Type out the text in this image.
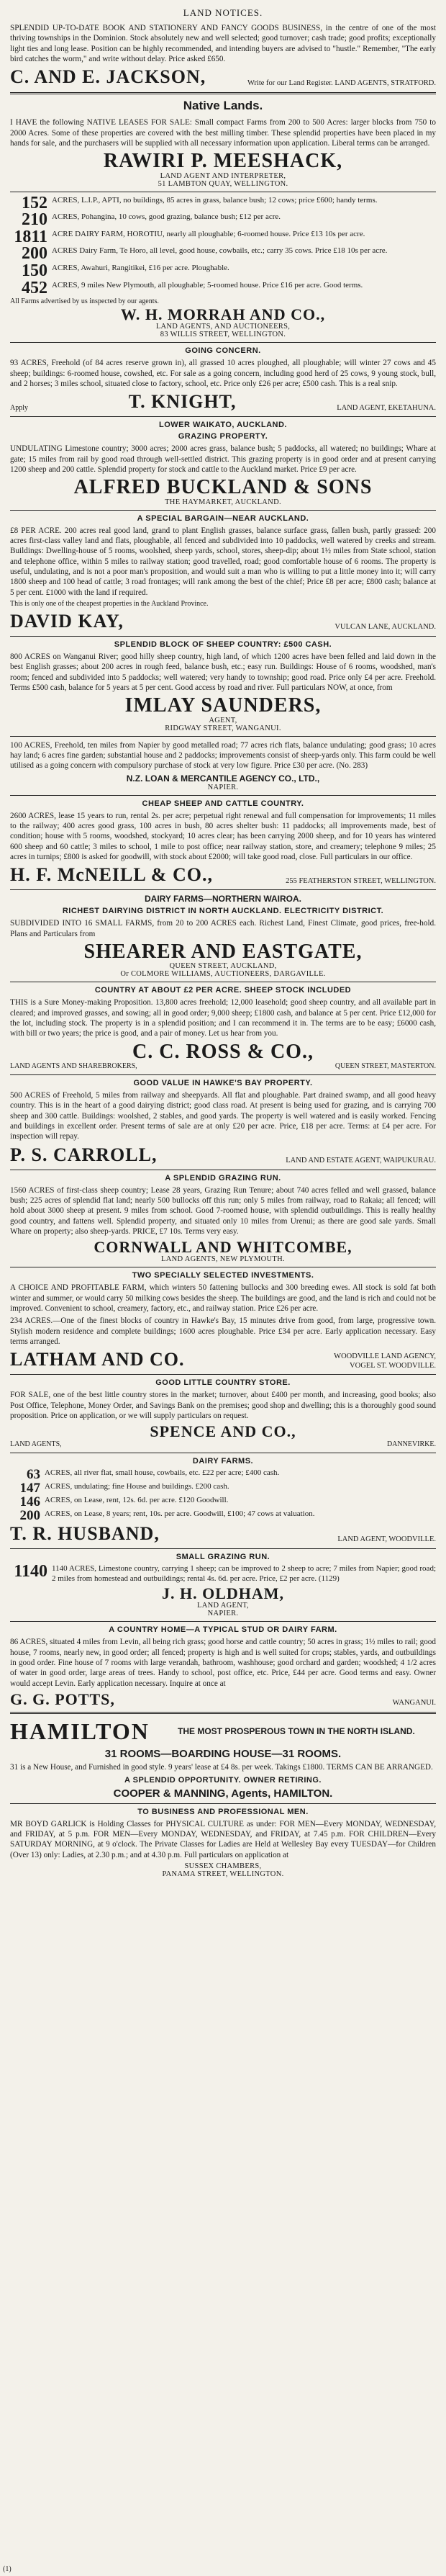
LAND NOTICES.

SPLENDID UP-TO-DATE BOOK AND STATIONERY AND FANCY GOODS BUSINESS, in the centre of one of the most thriving townships in the Dominion. Stock absolutely new and well selected; good turnover; cash trade; good profits; exceptionally light ties and long lease. Position can be highly recommended, and intending buyers are advised to "hustle." Remember, "The early bird catches the worm," and write without delay. Price asked £650.

C. AND E. JACKSON,	Write for our Land Register. LAND AGENTS, STRATFORD.
Native Lands.

I HAVE the following NATIVE LEASES FOR SALE: Small compact Farms from 200 to 500 Acres: larger blocks from 750 to 2000 Acres. Some of these properties are covered with the best milling timber. These splendid properties have been placed in my hands for sale, and the purchasers will be supplied with all necessary information upon application. Liberal terms can be arranged.

RAWIRI P. MEESHACK,
LAND AGENT AND INTERPRETER,
51 LAMBTON QUAY, WELLINGTON.
152 ACRES, L.I.P., APTI, no buildings, 85 acres in grass, balance bush; 12 cows; price £600; handy terms.
210 ACRES, Pohangina, 10 cows, good grazing, balance bush; £12 per acre.
1811 ACRE DAIRY FARM, HOROTIU, nearly all ploughable; 6-roomed house. Price £13 10s per acre.
200 ACRES Dairy Farm, Te Horo, all level, good house, cowbails, etc.; carry 35 cows. Price £18 10s per acre.
150 ACRES, Awahuri, Rangitikei, £16 per acre. Ploughable.
452 ACRES, 9 miles New Plymouth, all ploughable; 5-roomed house. Price £16 per acre. Good terms.
All Farms advertised by us inspected by our agents.
W. H. MORRAH AND CO.,
LAND AGENTS, AND AUCTIONEERS,
83 WILLIS STREET, WELLINGTON.
GOING CONCERN.

93 ACRES, Freehold (of 84 acres reserve grown in), all grassed 10 acres ploughed, all ploughable; will winter 27 cows and 45 sheep; buildings: 6-roomed house, cowshed, etc. For sale as a going concern, including good herd of 25 cows, 9 young stock, bull, and 2 horses; 3 miles school, situated close to factory, school, etc. Price only £26 per acre; £500 cash. This is a real snip.

Apply	T. KNIGHT,	LAND AGENT, EKETAHUNA.
LOWER WAIKATO, AUCKLAND.
GRAZING PROPERTY.

UNDULATING Limestone country; 3000 acres; 2000 acres grass, balance bush; 5 paddocks, all watered; no buildings; Whare at gate; 15 miles from rail by good road through well-settled district. This grazing property is in good order and at present carrying 1200 sheep and 200 cattle. Splendid property for stock and cattle to the Auckland market. Price £9 per acre.

ALFRED BUCKLAND & SONS
THE HAYMARKET, AUCKLAND.
A SPECIAL BARGAIN—NEAR AUCKLAND.

£8 PER ACRE. 200 acres real good land, grand to plant English grasses, balance surface grass, fallen bush, partly grassed: 200 acres first-class valley land and flats, ploughable, all fenced and subdivided into 10 paddocks, well watered by creeks and stream. Buildings: Dwelling-house of 5 rooms, woolshed, sheep yards, school, stores, sheep-dip; about 1½ miles from State school, station and telephone office, within 5 miles to railway station; good travelled, road; good comfortable house of 6 rooms. The property is useful, undulating, and is not a poor man's proposition, and would suit a man who is willing to put a little money into it; will carry 1800 sheep and 100 head of cattle; 3 road frontages; will rank among the best of the chief; Price £8 per acre; £800 cash; balance at 5 per cent. £1000 with the land if required.

This is only one of the cheapest properties in the Auckland Province.

DAVID KAY,	VULCAN LANE, AUCKLAND.
SPLENDID BLOCK OF SHEEP COUNTRY: £500 CASH.

800 ACRES on Wanganui River; good hilly sheep country, high land, of which 1200 acres have been felled and laid down in the best English grasses; about 200 acres in rough feed, balance bush, etc.; easy run. Buildings: House of 6 rooms, woodshed, man's room; fenced and subdivided into 5 paddocks; well watered; very handy to township; good road. Price only £4 per acre. Freehold. Terms £500 cash, balance for 5 years at 5 per cent. Good access by road and river. Full particulars NOW, at once, from

IMLAY SAUNDERS,
AGENT,
RIDGWAY STREET, WANGANUI.

100 ACRES, Freehold, ten miles from Napier by good metalled road; 77 acres rich flats, balance undulating; good grass; 10 acres hay land; 6 acres fine garden; substantial house and 2 paddocks; improvements consist of sheep-yards only. This farm could be well utilised as a going concern with compulsory purchase of stock at very low figure. Price £30 per acre. (No. 283)

N.Z. LOAN & MERCANTILE AGENCY CO., LTD.,
NAPIER.
CHEAP SHEEP AND CATTLE COUNTRY.

2600 ACRES, lease 15 years to run, rental 2s. per acre; perpetual right renewal and full compensation for improvements; 11 miles to the railway; 400 acres good grass, 100 acres in bush, 80 acres shelter bush: 11 paddocks; all improvements made, best of condition; house with 5 rooms, woodshed, stockyard; 10 acres clear; has been carrying 2000 sheep, and for 10 years has wintered 600 sheep and 60 cattle; 3 miles to school, 1 mile to post office; near railway station, store, and creamery; telephone 9 miles; 25 acres in turnips; £800 is asked for goodwill, with stock about £2000; will take good road, close. Full particulars in our office.

H. F. McNEILL & CO.,	255 FEATHERSTON STREET, WELLINGTON.
DAIRY FARMS—NORTHERN WAIROA.
RICHEST DAIRYING DISTRICT IN NORTH AUCKLAND. ELECTRICITY DISTRICT.

SUBDIVIDED INTO 16 SMALL FARMS, from 20 to 200 ACRES each. Richest Land, Finest Climate, good prices, free-hold. Plans and Particulars from

SHEARER AND EASTGATE,
QUEEN STREET, AUCKLAND,
Or COLMORE WILLIAMS, AUCTIONEERS, DARGAVILLE.
COUNTRY AT ABOUT £2 PER ACRE. SHEEP STOCK INCLUDED

THIS is a Sure Money-making Proposition. 13,800 acres freehold; 12,000 leasehold; good sheep country, and all available part in cleared; and improved grasses, and sowing; all in good order; 9,000 sheep; £1800 cash, and balance at 5 per cent. Price £12,000 for the lot, including stock. The property is in a splendid position; and I can recommend it in. The terms are to be easy; £6000 cash, with bill or two years; the price is good, and a pair of money. Let us hear from you.

C. C. ROSS & CO.,
LAND AGENTS AND SHAREBROKERS,	QUEEN STREET, MASTERTON.
GOOD VALUE IN HAWKE'S BAY PROPERTY.

500 ACRES of Freehold, 5 miles from railway and sheepyards. All flat and ploughable. Part drained swamp, and all good heavy country. This is in the heart of a good dairying district; good class road. At present is being used for grazing, and is carrying 700 sheep and 300 cattle. Buildings: woolshed, 2 stables, and good yards. The property is well watered and is easily worked. Fencing and buildings in excellent order. Present terms of sale are at only £20 per acre. Price, £18 per acre. Terms: at £4 per acre. For inspection will repay.

P. S. CARROLL,	LAND AND ESTATE AGENT, WAIPUKURAU.
A SPLENDID GRAZING RUN.

1560 ACRES of first-class sheep country; Lease 28 years, Grazing Run Tenure; about 740 acres felled and well grassed, balance bush; 225 acres of splendid flat land; nearly 500 bullocks off this run; only 5 miles from railway, road to Rakaia; all fenced; will hold about 3000 sheep at present. 9 miles from school. Good 7-roomed house, with splendid outbuildings. This is really healthy good country, and fattens well. Splendid property, and situated only 10 miles from Urenui; as there are good sale yards. Small Whare on property; also sheep-yards. PRICE, £7 10s. Terms very easy.

CORNWALL AND WHITCOMBE,
LAND AGENTS, NEW PLYMOUTH.
TWO SPECIALLY SELECTED INVESTMENTS.

A CHOICE AND PROFITABLE FARM, which winters 50 fattening bullocks and 300 breeding ewes. All stock is sold fat both winter and summer, or would carry 50 milking cows besides the sheep. The buildings are good, and the land is rich and could not be improved. Convenient to school, creamery, factory, etc., and railway station. Price £26 per acre.

234 ACRES.—One of the finest blocks of country in Hawke's Bay, 15 minutes drive from good, from large, progressive town. Stylish modern residence and complete buildings; 1600 acres ploughable. Price £34 per acre. Early application necessary. Easy terms arranged.

LATHAM AND CO.	WOODVILLE LAND AGENCY,
VOGEL ST. WOODVILLE.
GOOD LITTLE COUNTRY STORE.

FOR SALE, one of the best little country stores in the market; turnover, about £400 per month, and increasing, good books; also Post Office, Telephone, Money Order, and Savings Bank on the premises; good shop and dwelling; this is a thoroughly good sound proposition. Price on application, or we will supply particulars on request.

SPENCE AND CO.,
LAND AGENTS,	DANNEVIRKE.
DAIRY FARMS.
63 ACRES, all river flat, small house, cowbails, etc. £22 per acre; £400 cash.
147 ACRES, undulating; fine House and buildings. £200 cash.
146 ACRES, on Lease, rent, 12s. 6d. per acre. £120 Goodwill.
200 ACRES, on Lease, 8 years; rent, 10s. per acre. Goodwill, £100; 47 cows at valuation.
T. R. HUSBAND,	LAND AGENT, WOODVILLE.
SMALL GRAZING RUN.
1140 1140 ACRES, Limestone country, carrying 1 sheep; can be improved to 2 sheep to acre; 7 miles from Napier; good road; 2 miles from homestead and outbuildings; rental 4s. 6d. per acre. Price, £2 per acre. (1129)
J. H. OLDHAM,
LAND AGENT,
NAPIER.
A COUNTRY HOME—A TYPICAL STUD OR DAIRY FARM.

86 ACRES, situated 4 miles from Levin, all being rich grass; good horse and cattle country; 50 acres in grass; 1½ miles to rail; good house, 7 rooms, nearly new, in good order; all fenced; property is high and is well suited for crops; stables, yards, and outbuildings in good order. Fine house of 7 rooms with large verandah, bathroom, washhouse; good orchard and garden; woodshed; 4 1/2 acres of water in good order, large areas of trees. Handy to school, post office, etc. Price, £44 per acre. Good terms and easy. Owner would accept Levin. Early application necessary. Inquire at once at

G. G. POTTS,	WANGANUI.
HAMILTON	THE MOST PROSPEROUS TOWN IN THE NORTH ISLAND.
31 ROOMS—BOARDING HOUSE—31 ROOMS.

31 is a New House, and Furnished in good style. 9 years' lease at £4 8s. per week. Takings £1800. TERMS CAN BE ARRANGED.

A SPLENDID OPPORTUNITY. OWNER RETIRING.
COOPER & MANNING, Agents, HAMILTON.
TO BUSINESS AND PROFESSIONAL MEN.

MR BOYD GARLICK is Holding Classes for PHYSICAL CULTURE as under: FOR MEN—Every MONDAY, WEDNESDAY, and FRIDAY, at 5 p.m. FOR MEN—Every MONDAY, WEDNESDAY, and FRIDAY, at 7.45 p.m. FOR CHILDREN—Every SATURDAY MORNING, at 9 o'clock. The Private Classes for Ladies are Held at Wellesley Bay every TUESDAY—for Children (Over 13) only: Ladies, at 2.30 p.m.; and at 4.30 p.m. Full particulars on application at

SUSSEX CHAMBERS,
PANAMA STREET, WELLINGTON.
(1)
